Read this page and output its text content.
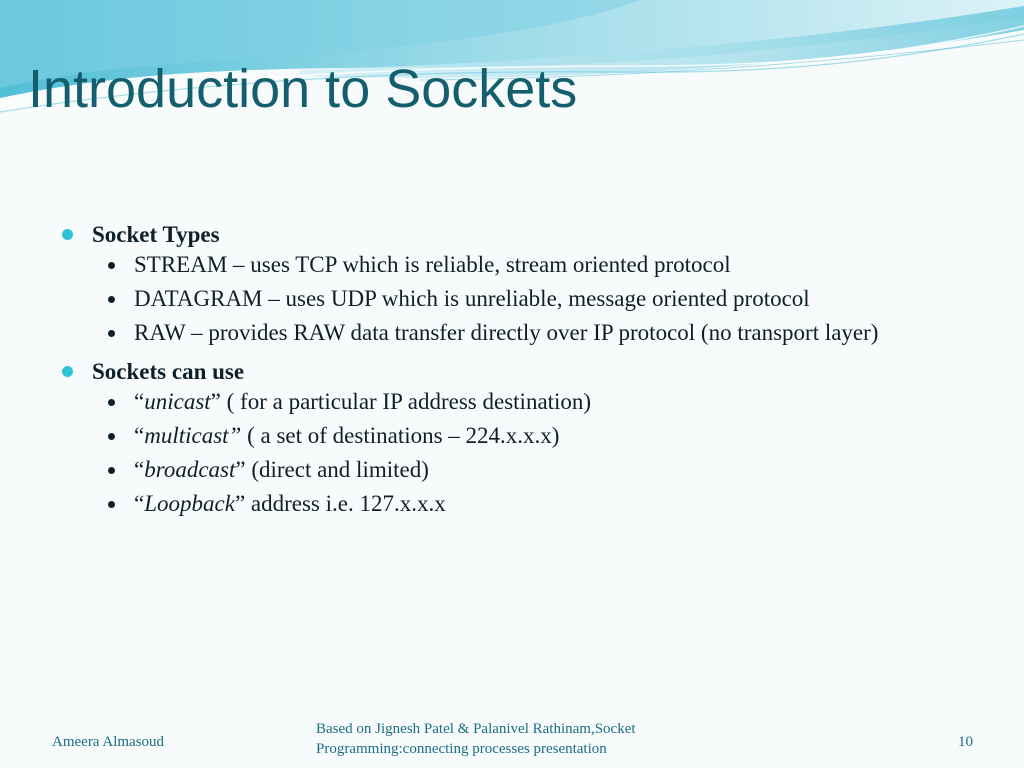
Introduction to Sockets
Socket Types
STREAM – uses TCP which is reliable, stream oriented protocol
DATAGRAM – uses UDP which is unreliable, message oriented protocol
RAW – provides RAW data transfer directly over IP protocol (no transport layer)
Sockets can use
“unicast” ( for a particular IP address destination)
“multicast” ( a set of destinations – 224.x.x.x)
“broadcast” (direct and limited)
“Loopback” address i.e. 127.x.x.x
Ameera Almasoud
Based on Jignesh Patel & Palanivel Rathinam,Socket
Programming:connecting processes presentation	10
